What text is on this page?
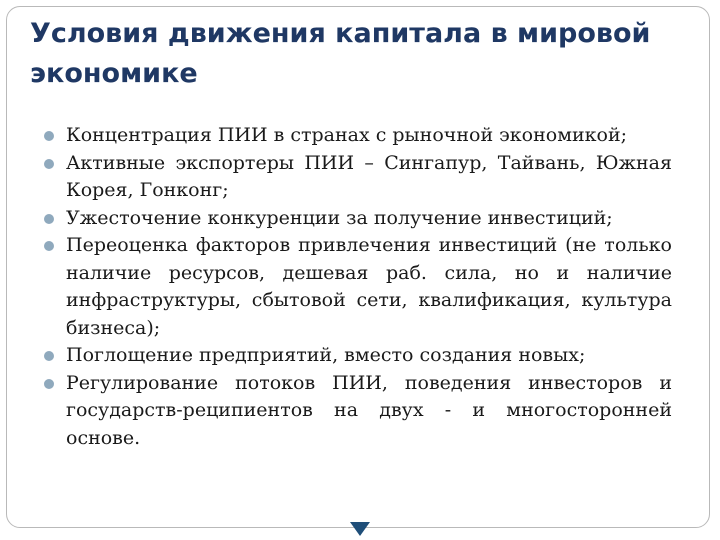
Условия движения капитала в мировой экономике
Концентрация ПИИ в странах с рыночной экономикой;
Активные экспортеры ПИИ – Сингапур, Тайвань, Южная Корея, Гонконг;
Ужесточение конкуренции за получение инвестиций;
Переоценка факторов привлечения инвестиций (не только наличие ресурсов, дешевая раб. сила, но и наличие инфраструктуры, сбытовой сети, квалификация, культура бизнеса);
Поглощение предприятий, вместо создания новых;
Регулирование потоков ПИИ, поведения инвесторов и государств-реципиентов на двух - и многосторонней основе.
